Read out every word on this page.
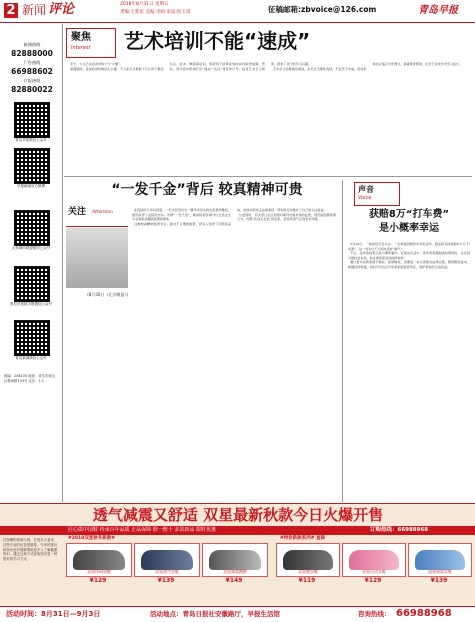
2 新闻 评论	2018年8月31日 星期五
责编:王紫星 美编:李晴 审读:侯玉琪	征稿邮箱:zbvoice@126.com	青岛早报
新闻热线
82888000
广告热线
66988602
订报热线
82880022
青岛早报微信公众号
早报新闻官方微博
山东城市联盟微信公众号
青岛早报数字报微信公众号
青岛新闻微信公众号
邮编：266100 地址：青岛市崂山区株洲路153号 定价：1元
聚焦
Interest 艺术培训不能“速成”
乔宁，少儿艺术培训市场十分“火爆”。
暑假期间，各类培训机构招生火爆，不少家长花费数千元让孩子参加书法、美术、舞蹈等培训，希望孩子能够在短时间内取得成绩。然而，部分培训机构打出“速成”“包过”等宣传口号，违背艺术学习规律，损害了孩子的学习兴趣。
艺术学习需要循序渐进，家长应当理性选择，不能急于求成。培训机构也应端正办学理念，尊重教育规律，让孩子在快乐中学习成长。
“一发千金”背后 较真精神可贵
关注 Attention
(8月30日《北京晚报》)
在连续的几年时间里，一名市民坚持为一篇学术论文的发表费用维权，最终获得了法院的支持。所谓“一发千金”，就是指某些期刊以发表论文为名收取高额版面费的现象。
这种较真精神值得肯定。面对不合理的收费，很多人选择了沉默和妥协，而他却坚持走法律途径，用实际行动维护了自己的合法权益。
与此同时，有关部门也应加强对期刊出版市场的监管，规范版面费收费行为，杜绝“花钱买发表”的乱象，营造风清气正的学术环境。
声音
Voice
获赔8万“打车费”
是小概率幸运
8月29日，一则消息引发关注：一名乘客因网约车司机违约，经法院判决获赔8万元“打车费”。这一判决让不少网友直呼“解气”。
不过，这样的结果只是小概率事件。在现实生活中，很多乘客遇到类似情况时，往往因为维权成本高、取证难等原因而选择放弃。
要让更多消费者敢于维权、能够维权，需要进一步完善相关法律法规，降低维权成本，畅通投诉渠道，同时平台也应切实承担起监管责任，保护乘客的合法权益。
透气减震又舒适 双星最新秋款今日火爆开售
匠心做中国鞋 传承百年品质 正品保障 假一赔十 多款新品 限时优惠	订购热线：66988968
以按摩的视频为例，在很多人看来，这些专业的信息很重要，专家的建议和资讯也许能够帮助更多人了解健康知识，通过这种方式获取知识是一种很好的学习方式。
#2018双星秋冬新款#	#特价新款系列# 直降
双星休闲男鞋	双星透气男鞋	双星减震跑鞋	双星健步鞋	双星运动女鞋	双星网面女鞋
¥129	¥139	¥149	¥119	¥129	¥139
活动时间：8月31日—9月3日	活动地点：青岛日报社安徽路厅，早报生活馆	咨询热线： 66988968
